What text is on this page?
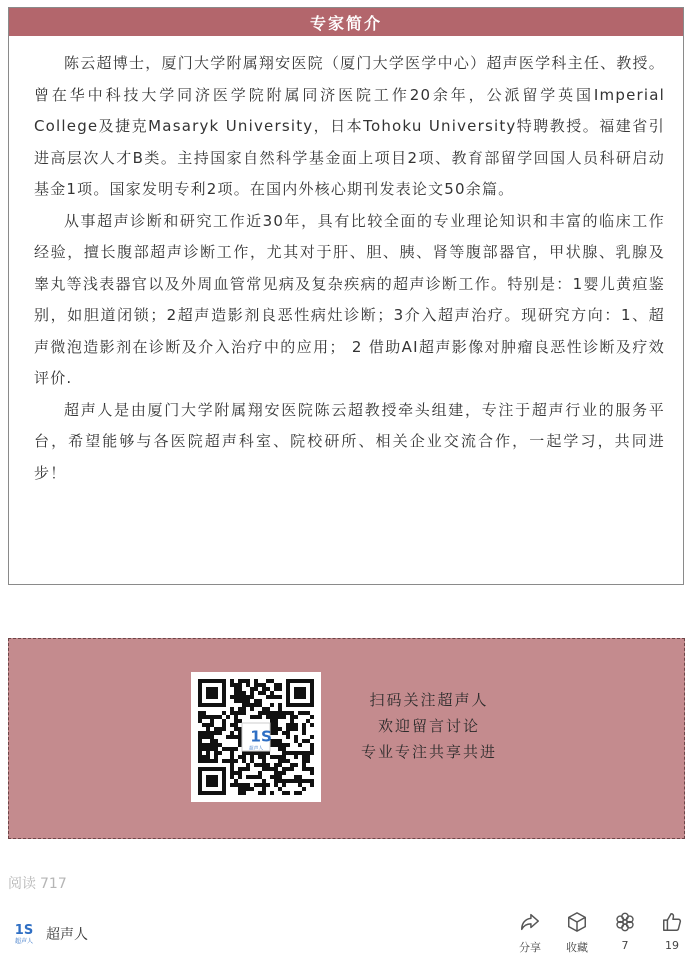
专家简介

陈云超博士，厦门大学附属翔安医院（厦门大学医学中心）超声医学科主任、教授。曾在华中科技大学同济医学院附属同济医院工作20余年，公派留学英国Imperial College及捷克Masaryk University，日本Tohoku University特聘教授。福建省引进高层次人才B类。主持国家自然科学基金面上项目2项、教育部留学回国人员科研启动基金1项。国家发明专利2项。在国内外核心期刊发表论文50余篇。

从事超声诊断和研究工作近30年，具有比较全面的专业理论知识和丰富的临床工作经验，擅长腹部超声诊断工作，尤其对于肝、胆、胰、肾等腹部器官，甲状腺、乳腺及睾丸等浅表器官以及外周血管常见病及复杂疾病的超声诊断工作。特别是：1婴儿黄疸鉴别，如胆道闭锁；2超声造影剂良恶性病灶诊断；3介入超声治疗。现研究方向：1、超声微泡造影剂在诊断及介入治疗中的应用； 2 借助AI超声影像对肿瘤良恶性诊断及疗效评价.

超声人是由厦门大学附属翔安医院陈云超教授牵头组建，专注于超声行业的服务平台，希望能够与各医院超声科室、院校研所、相关企业交流合作，一起学习，共同进步！

1S
超声人
扫码关注超声人
欢迎留言讨论
专业专注共享共进
阅读 717
1S
超声人 超声人
分享	收藏	7	19
